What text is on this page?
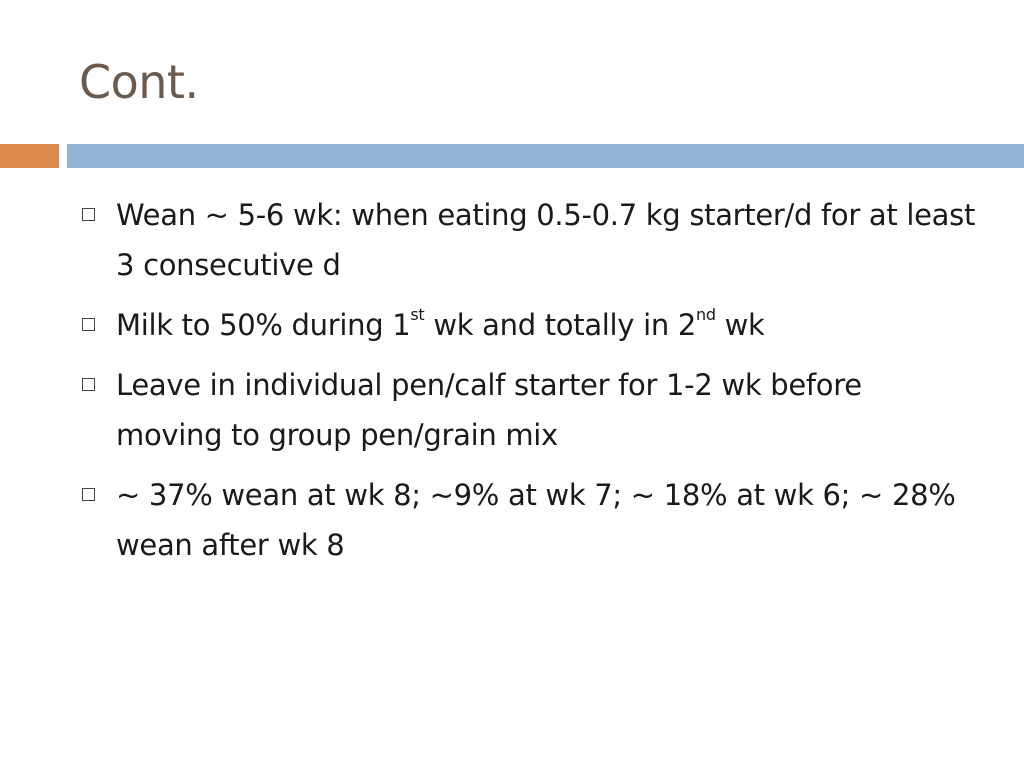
Cont.
Wean ~ 5-6 wk: when eating 0.5-0.7 kg starter/d for at least 3 consecutive d
Milk to 50% during 1st wk and totally in 2nd wk
Leave in individual pen/calf starter for 1-2 wk before moving to group pen/grain mix
~ 37% wean at wk 8; ~9% at wk 7; ~ 18% at wk 6; ~ 28% wean after wk 8
